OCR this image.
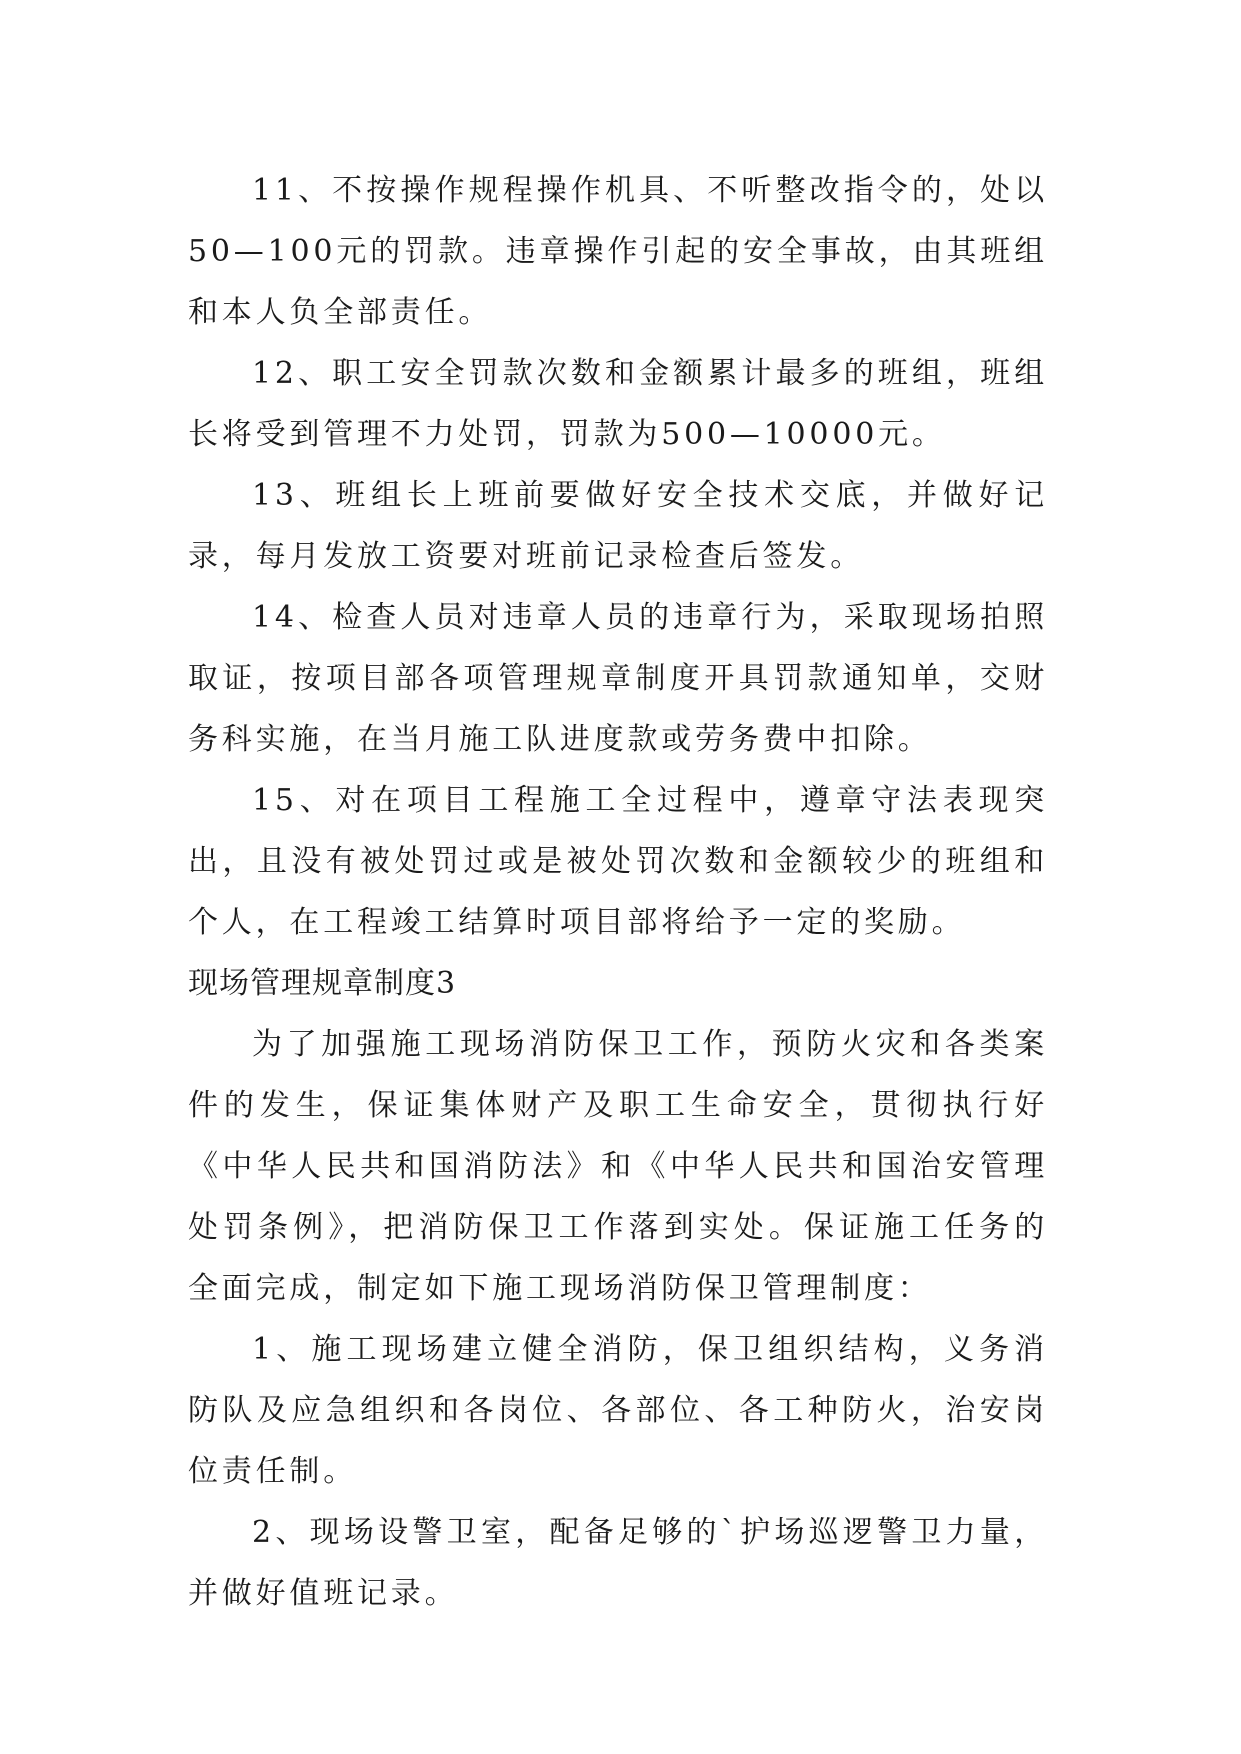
11、不按操作规程操作机具、不听整改指令的，处以50—100元的罚款。违章操作引起的安全事故，由其班组和本人负全部责任。

12、职工安全罚款次数和金额累计最多的班组，班组长将受到管理不力处罚，罚款为500—10000元。

13、班组长上班前要做好安全技术交底，并做好记录，每月发放工资要对班前记录检查后签发。

14、检查人员对违章人员的违章行为，采取现场拍照取证，按项目部各项管理规章制度开具罚款通知单，交财务科实施，在当月施工队进度款或劳务费中扣除。

15、对在项目工程施工全过程中，遵章守法表现突出，且没有被处罚过或是被处罚次数和金额较少的班组和个人，在工程竣工结算时项目部将给予一定的奖励。

现场管理规章制度3

为了加强施工现场消防保卫工作，预防火灾和各类案件的发生，保证集体财产及职工生命安全，贯彻执行好《中华人民共和国消防法》和《中华人民共和国治安管理处罚条例》，把消防保卫工作落到实处。保证施工任务的全面完成，制定如下施工现场消防保卫管理制度：

1、施工现场建立健全消防，保卫组织结构，义务消防队及应急组织和各岗位、各部位、各工种防火，治安岗位责任制。

2、现场设警卫室，配备足够的`护场巡逻警卫力量，并做好值班记录。
